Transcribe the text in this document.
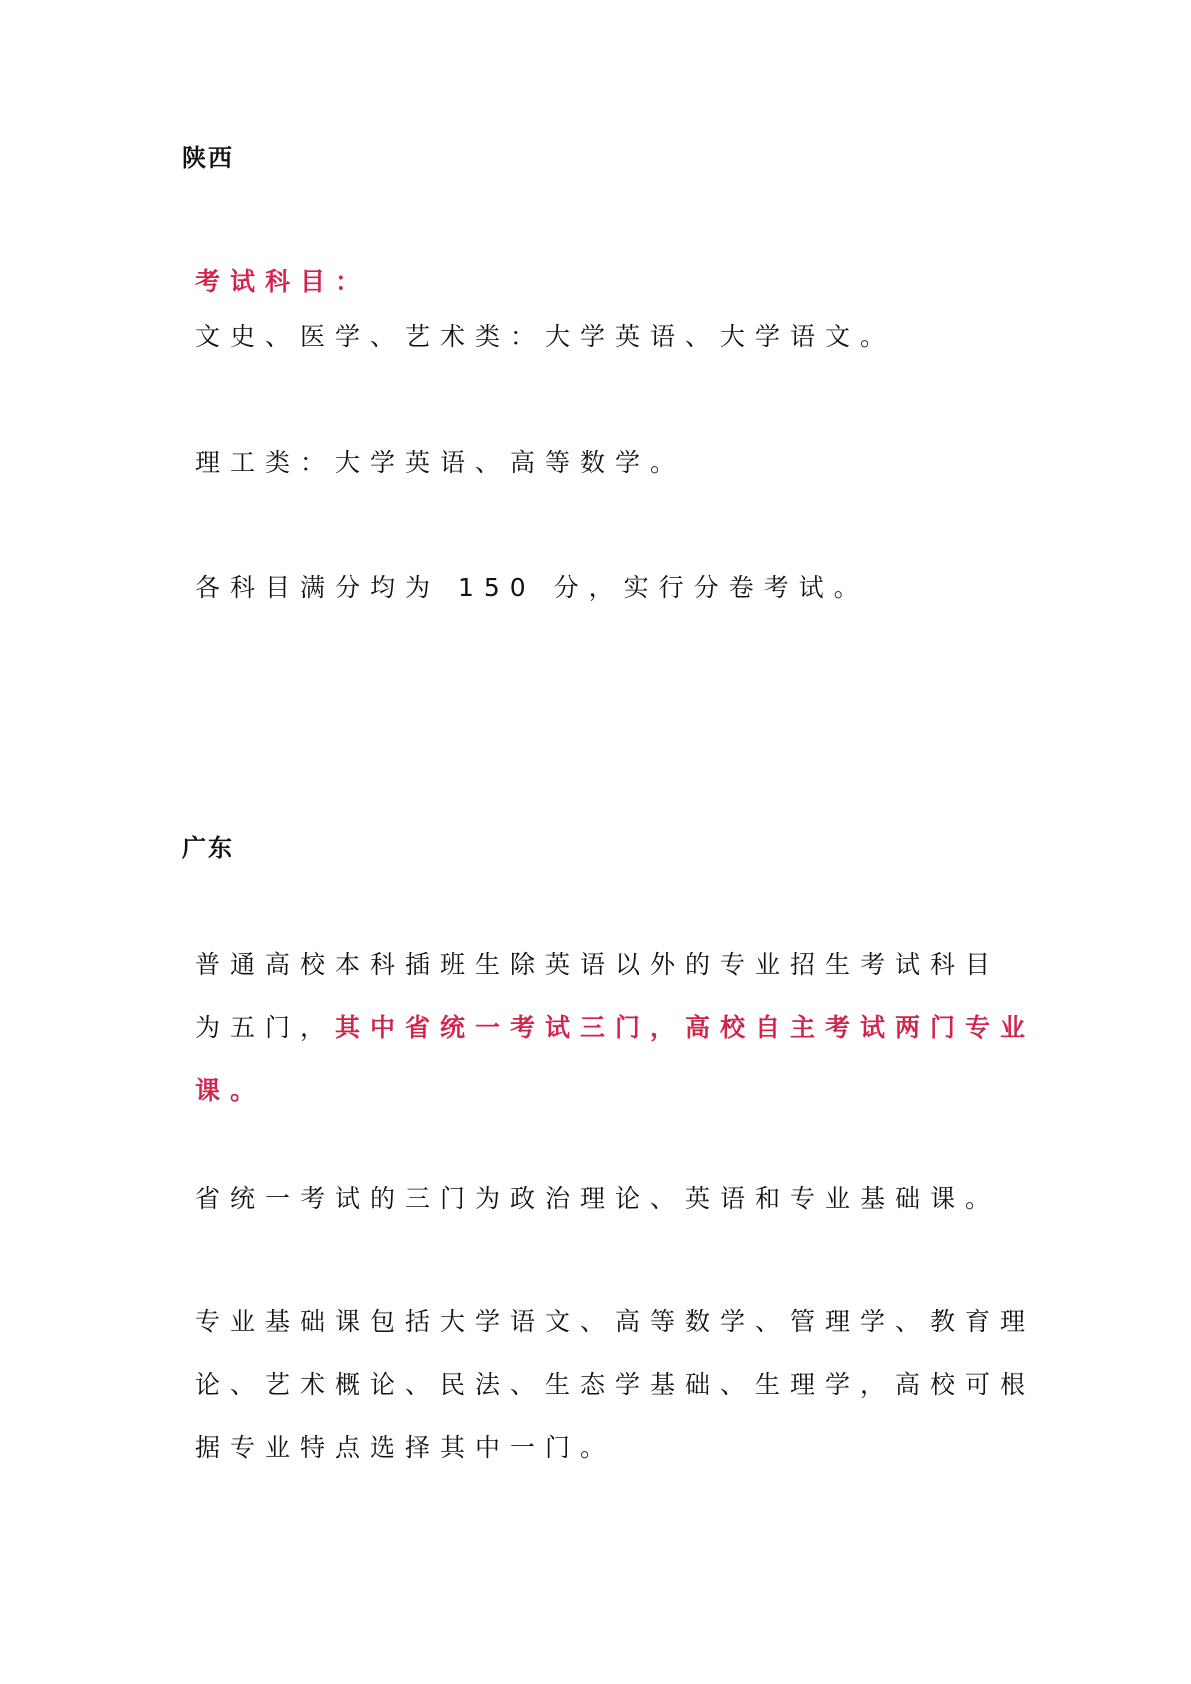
陕西
考试科目：
文史、医学、艺术类：大学英语、大学语文。
理工类：大学英语、高等数学。
各科目满分均为 150 分，实行分卷考试。
广东
普通高校本科插班生除英语以外的专业招生考试科目
为五门，其中省统一考试三门，高校自主考试两门专业
课。
省统一考试的三门为政治理论、英语和专业基础课。
专业基础课包括大学语文、高等数学、管理学、教育理
论、艺术概论、民法、生态学基础、生理学，高校可根
据专业特点选择其中一门。
